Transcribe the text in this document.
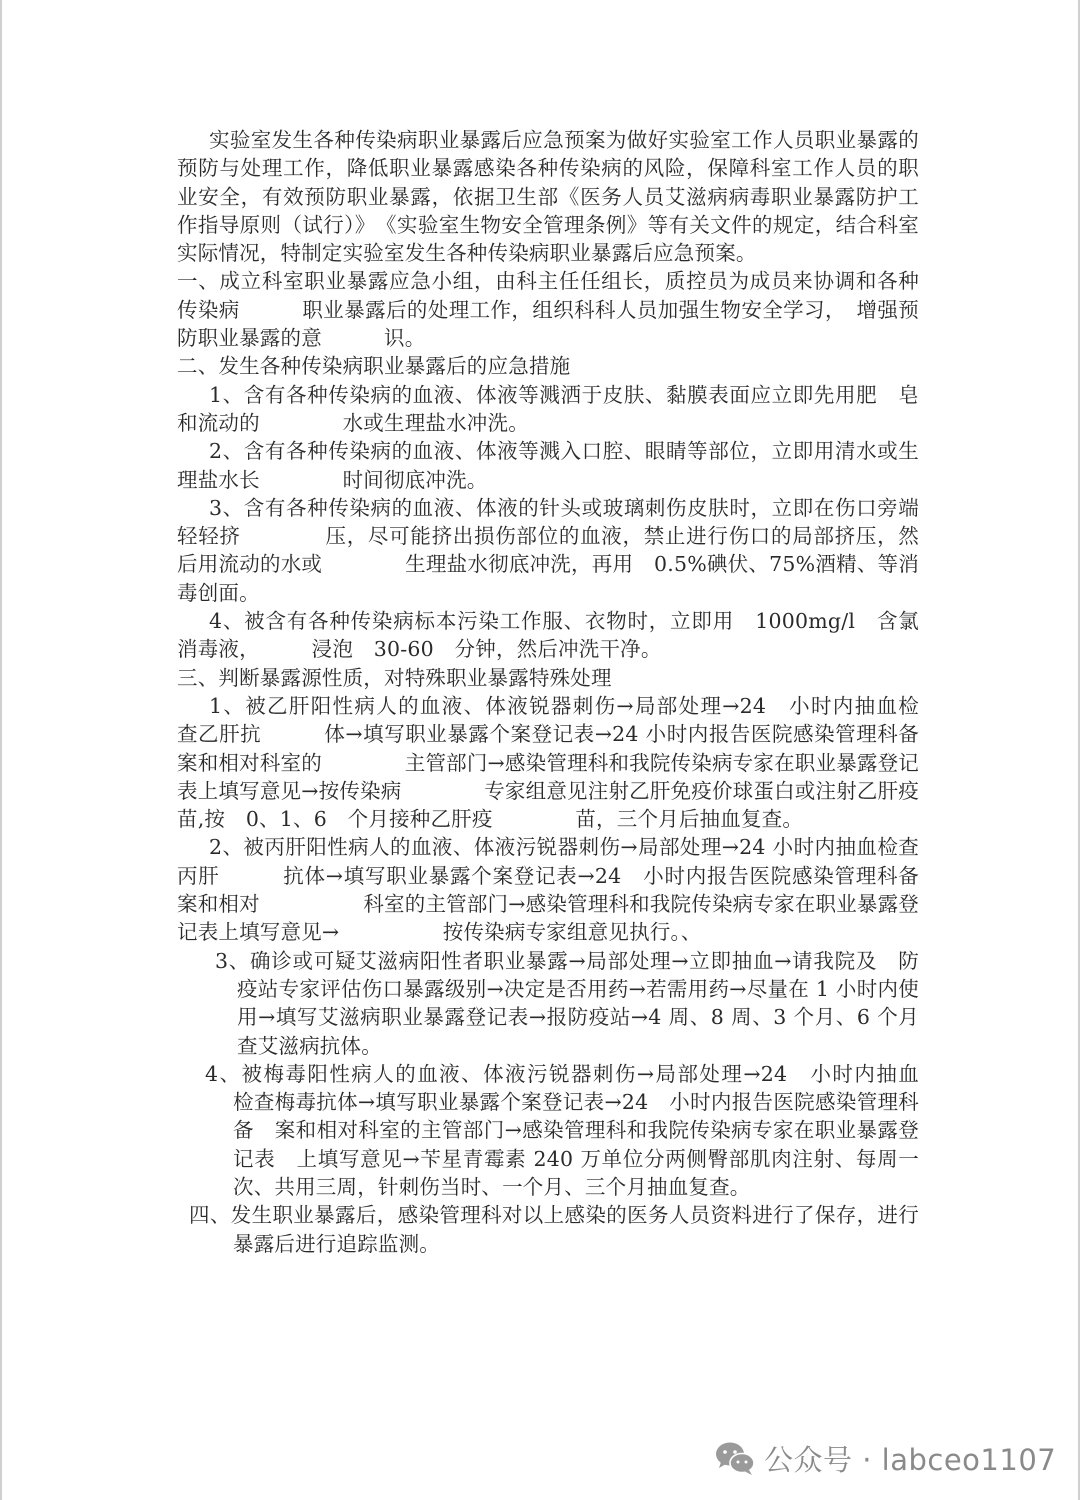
实验室发生各种传染病职业暴露后应急预案为做好实验室工作人员职业暴露的预防与处理工作，降低职业暴露感染各种传染病的风险，保障科室工作人员的职业安全，有效预防职业暴露，依据卫生部《医务人员艾滋病病毒职业暴露防护工作指导原则（试行）》　《实验室生物安全管理条例》等有关文件的规定，结合科室实际情况，特制定实验室发生各种传染病职业暴露后应急预案。

一、成立科室职业暴露应急小组，由科主任任组长，质控员为成员来协调和各种传染病　　　职业暴露后的处理工作，组织科科人员加强生物安全学习，　增强预防职业暴露的意　　　识。

二、发生各种传染病职业暴露后的应急措施

1、含有各种传染病的血液、体液等溅洒于皮肤、黏膜表面应立即先用肥　皂和流动的　　　　水或生理盐水冲洗。

2、含有各种传染病的血液、体液等溅入口腔、眼睛等部位，立即用清水或生理盐水长　　　　时间彻底冲洗。

3、含有各种传染病的血液、体液的针头或玻璃刺伤皮肤时，立即在伤口旁端轻轻挤　　　　压，尽可能挤出损伤部位的血液，禁止进行伤口的局部挤压，然　后用流动的水或　　　　生理盐水彻底冲洗，再用　0.5%碘伏、75%酒精、等消毒创面。

4、被含有各种传染病标本污染工作服、衣物时，立即用　1000mg/l　含氯　消毒液，　　　浸泡　30-60　分钟，然后冲洗干净。

三、判断暴露源性质，对特殊职业暴露特殊处理

1、被乙肝阳性病人的血液、体液锐器刺伤→局部处理→24　小时内抽血检　查乙肝抗　　　体→填写职业暴露个案登记表→24 小时内报告医院感染管理科备案和相对科室的　　　　主管部门→感染管理科和我院传染病专家在职业暴露登记表上填写意见→按传染病　　　　专家组意见注射乙肝免疫价球蛋白或注射乙肝疫苗,按　0、1、6　个月接种乙肝疫　　　　苗，三个月后抽血复查。

2、被丙肝阳性病人的血液、体液污锐器刺伤→局部处理→24 小时内抽血检查丙肝　　　抗体→填写职业暴露个案登记表→24　小时内报告医院感染管理科备案和相对　　　　　科室的主管部门→感染管理科和我院传染病专家在职业暴露登记表上填写意见→　　　　　按传染病专家组意见执行。、

3、确诊或可疑艾滋病阳性者职业暴露→局部处理→立即抽血→请我院及　防疫站专家评估伤口暴露级别→决定是否用药→若需用药→尽量在 1 小时内使用→填写艾滋病职业暴露登记表→报防疫站→4 周、8 周、3 个月、6 个月查艾滋病抗体。

4、被梅毒阳性病人的血液、体液污锐器刺伤→局部处理→24　小时内抽血　检查梅毒抗体→填写职业暴露个案登记表→24　小时内报告医院感染管理科备　案和相对科室的主管部门→感染管理科和我院传染病专家在职业暴露登记表　上填写意见→苄星青霉素 240 万单位分两侧臀部肌肉注射、每周一次、共用三周，针刺伤当时、一个月、三个月抽血复查。

四、发生职业暴露后，感染管理科对以上感染的医务人员资料进行了保存，进行暴露后进行追踪监测。

公众号 · labceo1107
